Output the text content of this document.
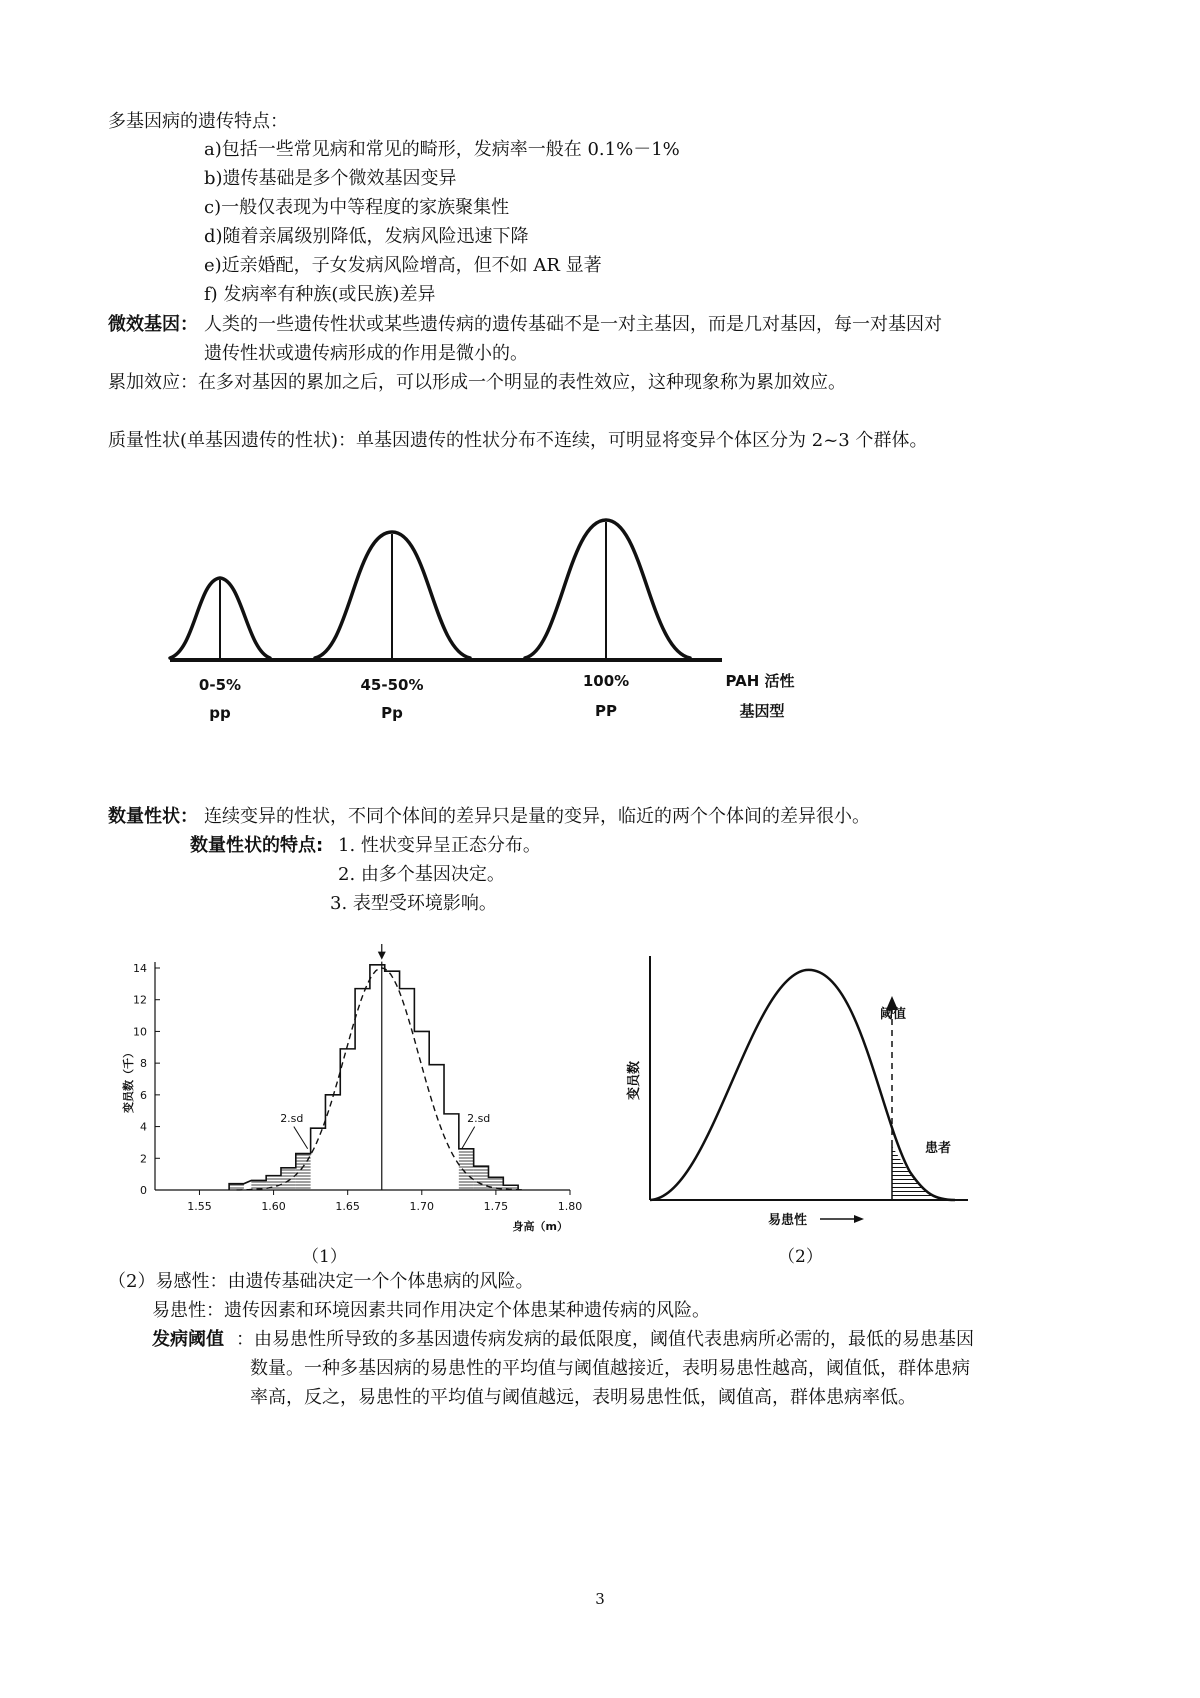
多基因病的遗传特点：
a)包括一些常见病和常见的畸形，发病率一般在 0.1%－1%
b)遗传基础是多个微效基因变异
c)一般仅表现为中等程度的家族聚集性
d)随着亲属级别降低，发病风险迅速下降
e)近亲婚配，子女发病风险增高，但不如 AR 显著
f) 发病率有种族(或民族)差异
微效基因： 人类的一些遗传性状或某些遗传病的遗传基础不是一对主基因，而是几对基因，每一对基因对
遗传性状或遗传病形成的作用是微小的。
累加效应：在多对基因的累加之后，可以形成一个明显的表性效应，这种现象称为累加效应。
质量性状(单基因遗传的性状)：单基因遗传的性状分布不连续，可明显将变异个体区分为 2~3 个群体。
0-5%
pp
45-50%
Pp
100%
PP
PAH 活性
基因型
数量性状： 连续变异的性状，不同个体间的差异只是量的变异，临近的两个个体间的差异很小。
数量性状的特点: 1. 性状变异呈正态分布。
2. 由多个基因决定。
3. 表型受环境影响。
0
2
4
6
8
10
12
14
1.55	1.60	1.65	1.70	1.75	1.80
2.sd	2.sd
变员数（千）
身高（m）
（1）
阈值
患者
变员数
易患性
（2）
（2）易感性：由遗传基础决定一个个体患病的风险。
易患性：遗传因素和环境因素共同作用决定个体患某种遗传病的风险。
发病阈值 ：由易患性所导致的多基因遗传病发病的最低限度，阈值代表患病所必需的，最低的易患基因
数量。一种多基因病的易患性的平均值与阈值越接近，表明易患性越高，阈值低，群体患病
率高，反之，易患性的平均值与阈值越远，表明易患性低，阈值高，群体患病率低。
3
